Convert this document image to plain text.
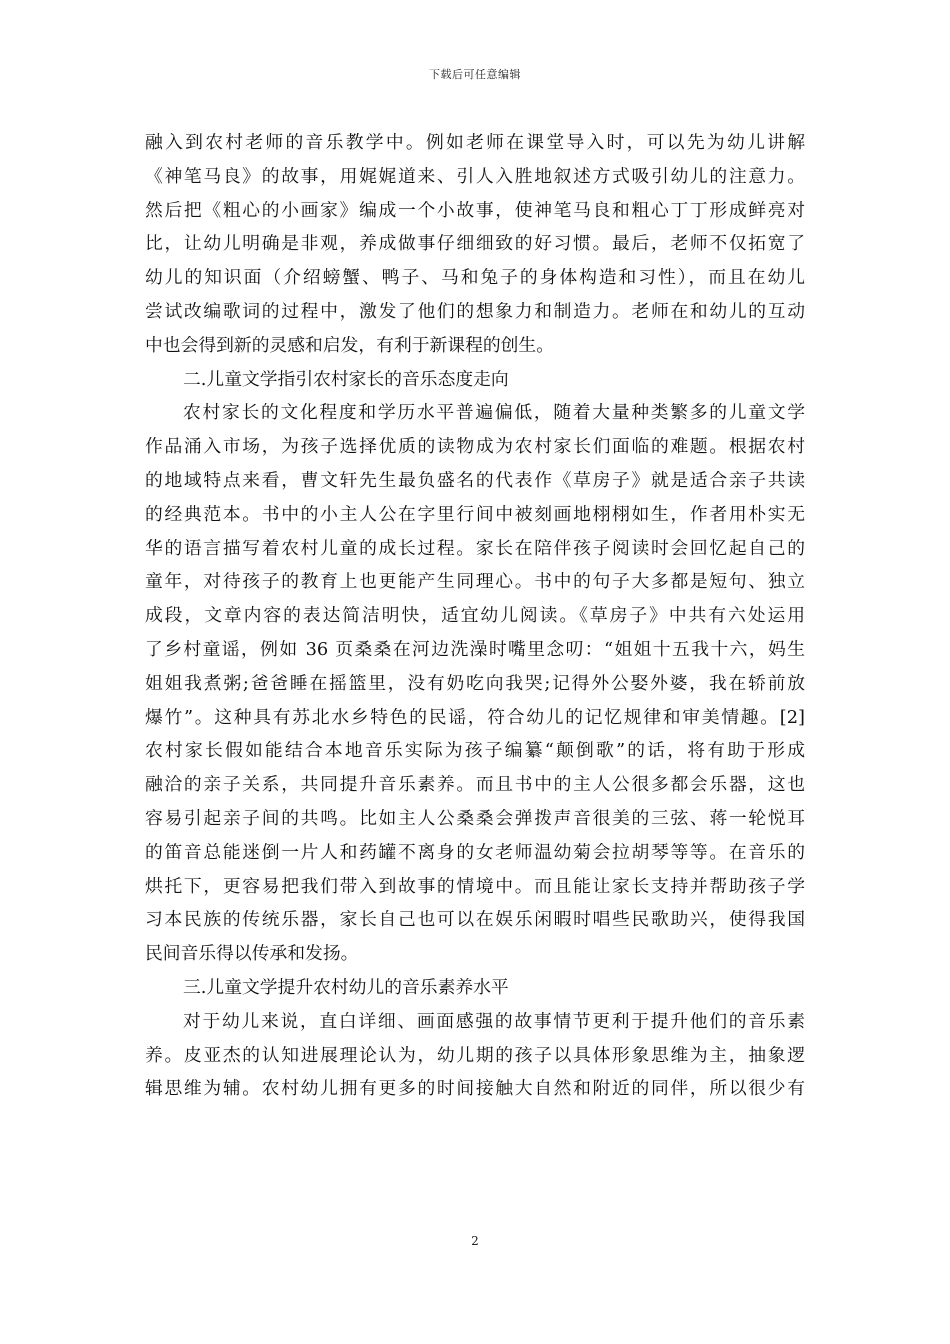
下载后可任意编辑
融入到农村老师的音乐教学中。例如老师在课堂导入时，可以先为幼儿讲解
《神笔马良》的故事，用娓娓道来、引人入胜地叙述方式吸引幼儿的注意力。
然后把《粗心的小画家》编成一个小故事，使神笔马良和粗心丁丁形成鲜亮对
比，让幼儿明确是非观，养成做事仔细细致的好习惯。最后，老师不仅拓宽了
幼儿的知识面（介绍螃蟹、鸭子、马和兔子的身体构造和习性），而且在幼儿
尝试改编歌词的过程中，激发了他们的想象力和制造力。老师在和幼儿的互动
中也会得到新的灵感和启发，有利于新课程的创生。
二.儿童文学指引农村家长的音乐态度走向
农村家长的文化程度和学历水平普遍偏低，随着大量种类繁多的儿童文学
作品涌入市场，为孩子选择优质的读物成为农村家长们面临的难题。根据农村
的地域特点来看，曹文轩先生最负盛名的代表作《草房子》就是适合亲子共读
的经典范本。书中的小主人公在字里行间中被刻画地栩栩如生，作者用朴实无
华的语言描写着农村儿童的成长过程。家长在陪伴孩子阅读时会回忆起自己的
童年，对待孩子的教育上也更能产生同理心。书中的句子大多都是短句、独立
成段，文章内容的表达简洁明快，适宜幼儿阅读。《草房子》中共有六处运用
了乡村童谣，例如 36 页桑桑在河边洗澡时嘴里念叨：“姐姐十五我十六，妈生
姐姐我煮粥;爸爸睡在摇篮里，没有奶吃向我哭;记得外公娶外婆，我在轿前放
爆竹”。这种具有苏北水乡特色的民谣，符合幼儿的记忆规律和审美情趣。[2]
农村家长假如能结合本地音乐实际为孩子编纂“颠倒歌”的话，将有助于形成
融洽的亲子关系，共同提升音乐素养。而且书中的主人公很多都会乐器，这也
容易引起亲子间的共鸣。比如主人公桑桑会弹拨声音很美的三弦、蒋一轮悦耳
的笛音总能迷倒一片人和药罐不离身的女老师温幼菊会拉胡琴等等。在音乐的
烘托下，更容易把我们带入到故事的情境中。而且能让家长支持并帮助孩子学
习本民族的传统乐器，家长自己也可以在娱乐闲暇时唱些民歌助兴，使得我国
民间音乐得以传承和发扬。
三.儿童文学提升农村幼儿的音乐素养水平
对于幼儿来说，直白详细、画面感强的故事情节更利于提升他们的音乐素
养。皮亚杰的认知进展理论认为，幼儿期的孩子以具体形象思维为主，抽象逻
辑思维为辅。农村幼儿拥有更多的时间接触大自然和附近的同伴，所以很少有
2
